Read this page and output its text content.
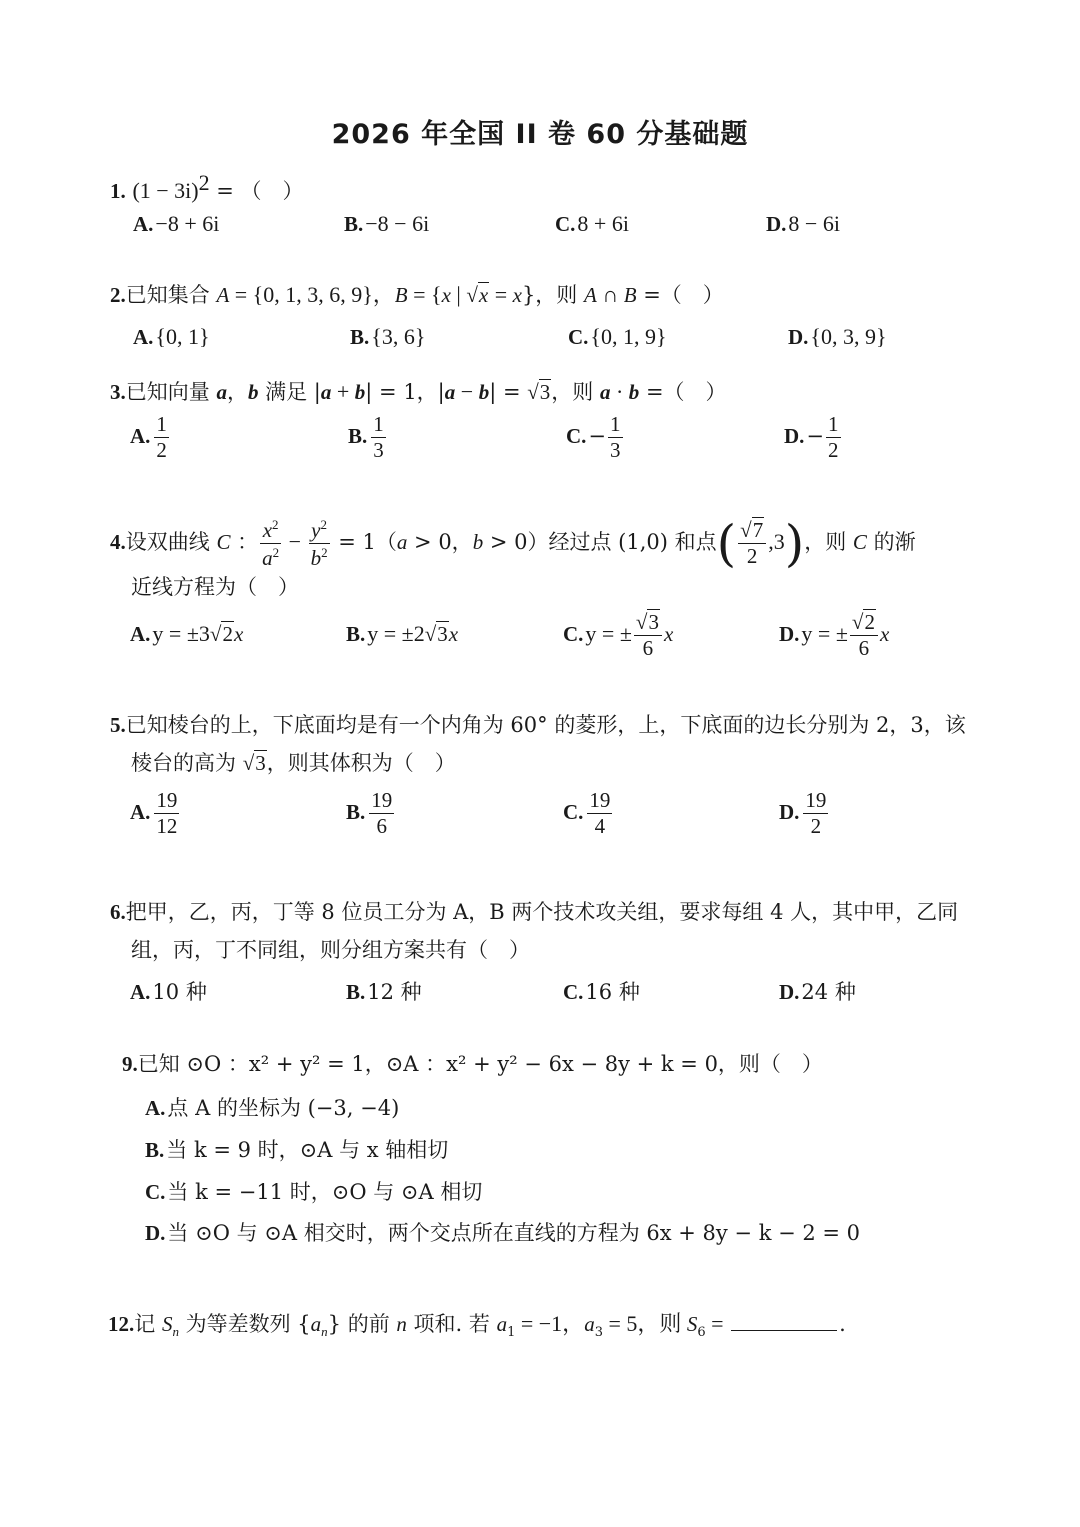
2026 年全国 II 卷 60 分基础题
1. $(1 - 3i)^2$ = （　）
A.−8 + 6i	B.−8 − 6i	C.8 + 6i	D.8 − 6i
2.已知集合 A = {0, 1, 3, 6, 9}，B = {x | √x = x}，则 A ∩ B =（　）
A.{0, 1}	B.{3, 6}	C.{0, 1, 9}	D.{0, 3, 9}
3.已知向量 a，b 满足 |a + b| = 1，|a − b| = √3，则 a · b =（　）
A. $\frac{1}{2}$	B. $\frac{1}{3}$	$C.- \frac{1}{3}$	$D.- \frac{1}{2}$
4.设双曲线 C ： $\frac{x^2}{a^2} - \frac{y^2}{b^2} = 1(a > 0$，b > 0）经过点 (1,0) 和点( $\frac{√7}{2} ,3$)，则 C 的渐
近线方程为（　）
A.y = ±3√2x	B.y = ±2√3x	C.y = ± $\frac{√3}{6}$ x	D.y = ± $\frac{√2}{6}$ x
5.已知棱台的上，下底面均是有一个内角为 60° 的菱形，上，下底面的边长分别为 2，3，该
棱台的高为 √3，则其体积为（　）
A. $\frac{19}{12}$	B. $\frac{19}{6}$	C. $\frac{19}{4}$	D. $\frac{19}{2}$
6.把甲，乙，丙，丁等 8 位员工分为 A，B 两个技术攻关组，要求每组 4 人，其中甲，乙同
组，丙，丁不同组，则分组方案共有（　）
A.10 种	B.12 种	C.16 种	D.24 种
9.已知 ⊙O ：x² + y² = 1，⊙A ：x² + y² − 6x − 8y + k = 0，则（　）
A.点 A 的坐标为 (−3, −4)
B.当 k = 9 时，⊙A 与 x 轴相切
C.当 k = −11 时，⊙O 与 ⊙A 相切
D.当 ⊙O 与 ⊙A 相交时，两个交点所在直线的方程为 6x + 8y − k − 2 = 0
12.记 $S_n$ 为等差数列 $\{a_n\}$ 的前 n 项和. 若 $a_1 = -1$，$a_3 = 5$，则 $S_6$ =	.
